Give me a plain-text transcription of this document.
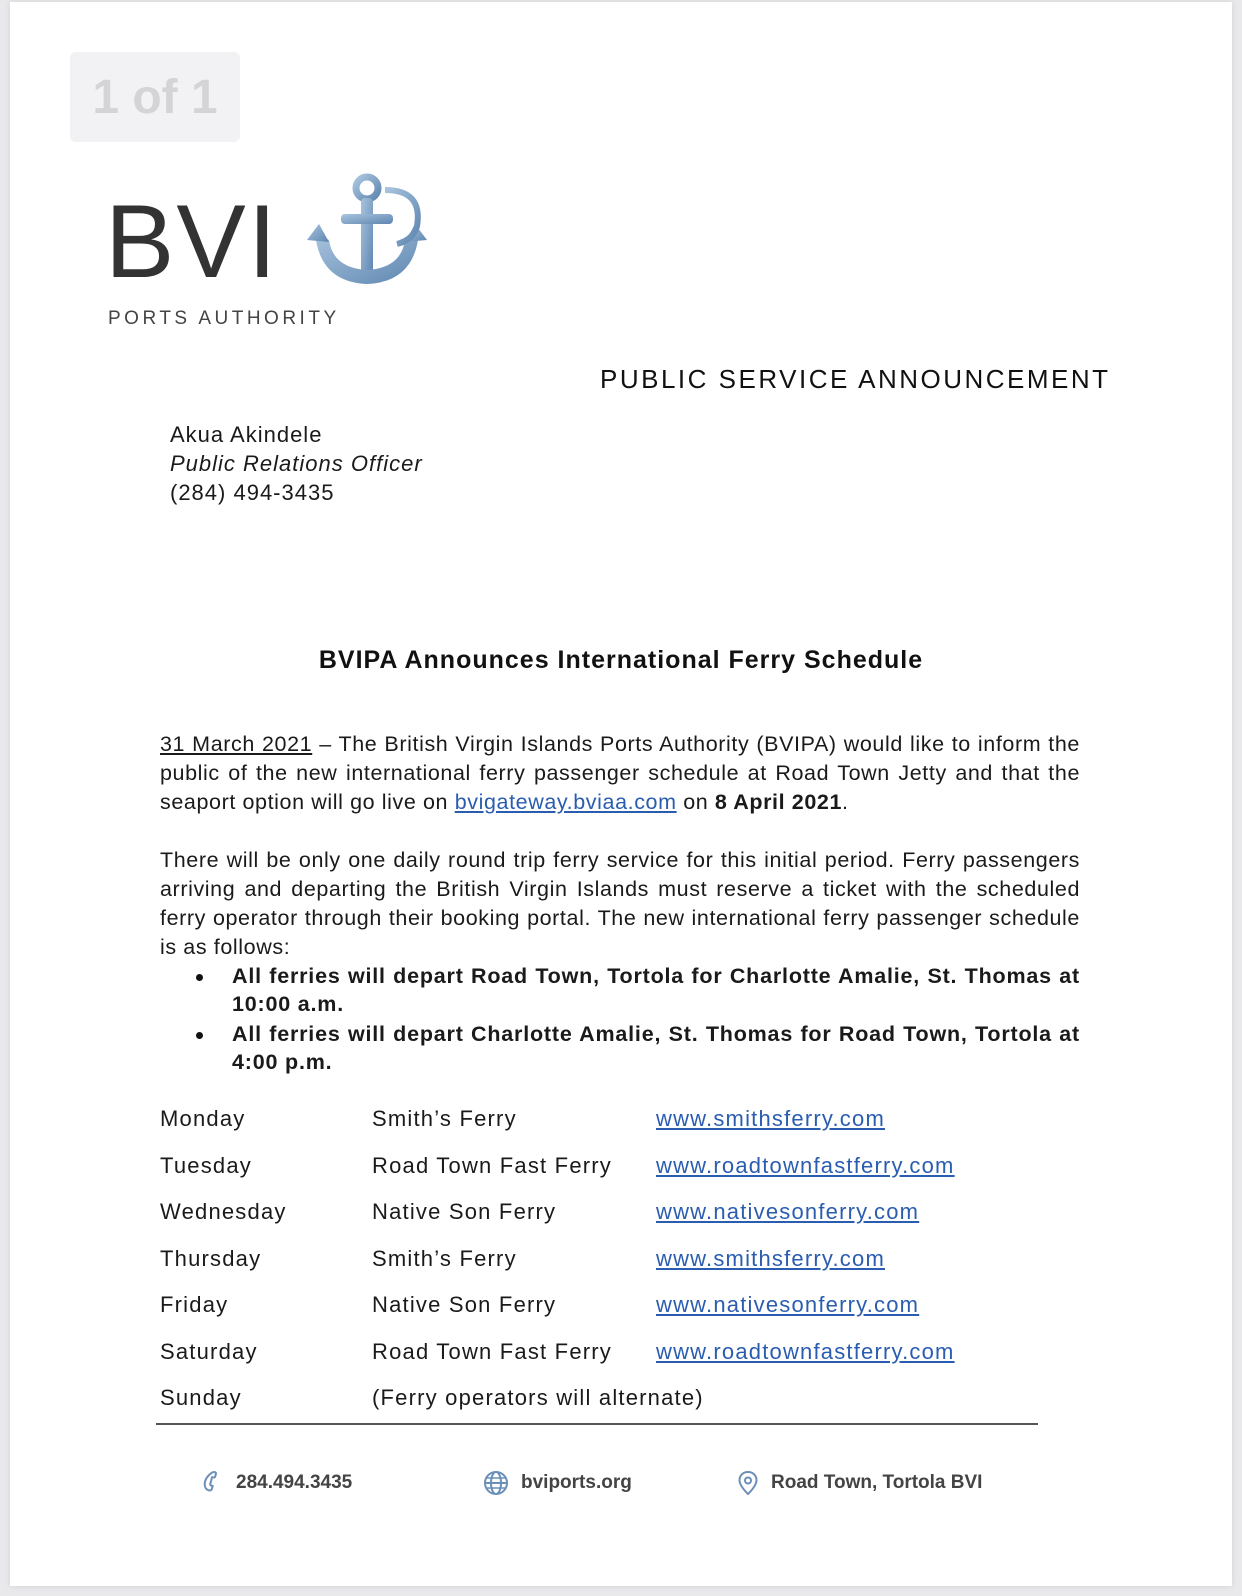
1 of 1
BVI
PORTS AUTHORITY
PUBLIC SERVICE ANNOUNCEMENT
Akua Akindele
Public Relations Officer
(284) 494-3435
BVIPA Announces International Ferry Schedule
31 March 2021 – The British Virgin Islands Ports Authority (BVIPA) would like to inform the public of the new international ferry passenger schedule at Road Town Jetty and that the seaport option will go live on bvigateway.bviaa.com on 8 April 2021.
There will be only one daily round trip ferry service for this initial period. Ferry passengers arriving and departing the British Virgin Islands must reserve a ticket with the scheduled ferry operator through their booking portal. The new international ferry passenger schedule is as follows:
All ferries will depart Road Town, Tortola for Charlotte Amalie, St. Thomas at 10:00 a.m.
All ferries will depart Charlotte Amalie, St. Thomas for Road Town, Tortola at 4:00 p.m.
Monday	Smith’s Ferry	www.smithsferry.com
Tuesday	Road Town Fast Ferry www.roadtownfastferry.com
Wednesday	Native Son Ferry	www.nativesonferry.com
Thursday	Smith’s Ferry	www.smithsferry.com
Friday	Native Son Ferry	www.nativesonferry.com
Saturday	Road Town Fast Ferry www.roadtownfastferry.com
Sunday	(Ferry operators will alternate)
284.494.3435	bviports.org	Road Town, Tortola BVI
